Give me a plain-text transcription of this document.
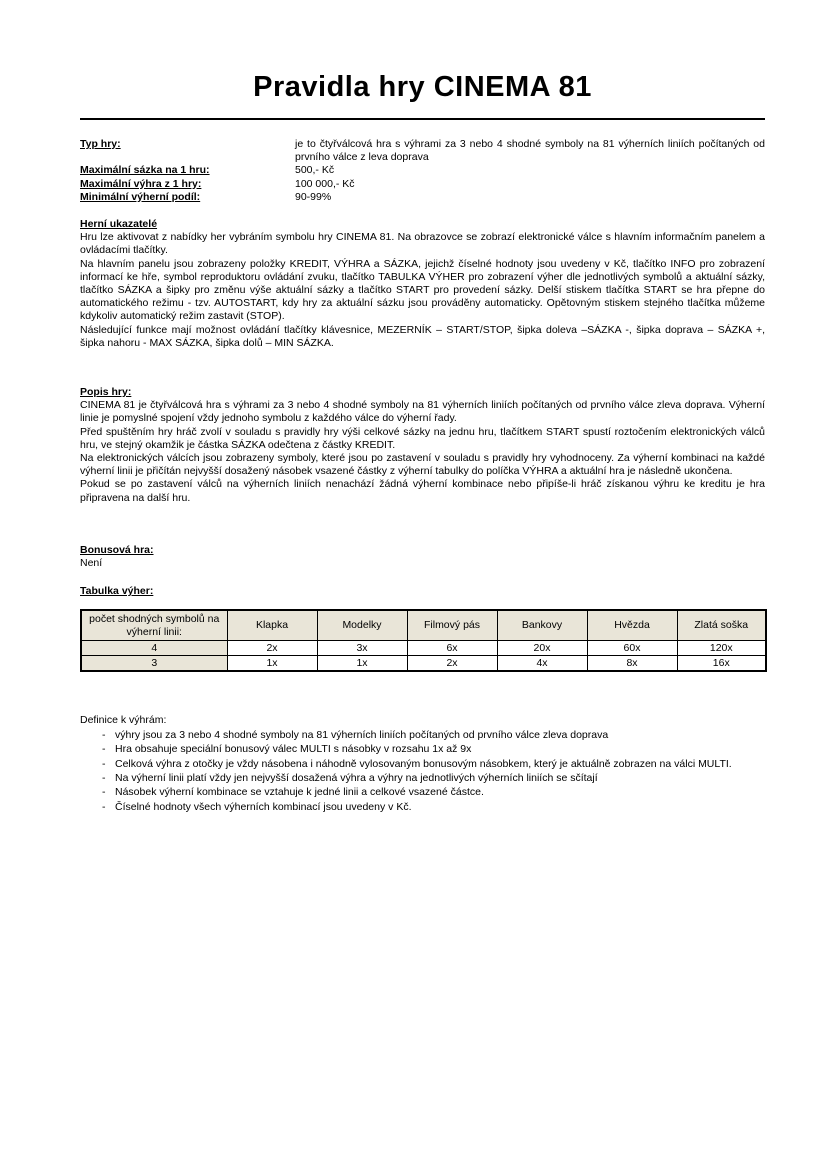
Pravidla hry CINEMA 81
Typ hry:	je to čtyřválcová hra s výhrami za 3 nebo 4 shodné symboly na 81 výherních liniích počítaných od prvního válce z leva doprava
Maximální sázka na 1 hru:	500,- Kč
Maximální výhra z 1 hry:	100 000,- Kč
Minimální výherní podíl:	90-99%
Herní ukazatelé

Hru lze aktivovat z nabídky her vybráním symbolu hry CINEMA 81. Na obrazovce se zobrazí elektronické válce s hlavním informačním panelem a ovládacími tlačítky.

Na hlavním panelu jsou zobrazeny položky KREDIT, VÝHRA a SÁZKA, jejichž číselné hodnoty jsou uvedeny v Kč, tlačítko INFO pro zobrazení informací ke hře, symbol reproduktoru ovládání zvuku, tlačítko TABULKA VÝHER pro zobrazení výher dle jednotlivých symbolů a aktuální sázky, tlačítko SÁZKA a šipky pro změnu výše aktuální sázky a tlačítko START pro provedení sázky. Delší stiskem tlačítka START se hra přepne do automatického režimu - tzv. AUTOSTART, kdy hry za aktuální sázku jsou prováděny automaticky. Opětovným stiskem stejného tlačítka můžeme kdykoliv automatický režim zastavit (STOP).

Následující funkce mají možnost ovládání tlačítky klávesnice, MEZERNÍK – START/STOP, šipka doleva –SÁZKA -, šipka doprava – SÁZKA +, šipka nahoru - MAX SÁZKA, šipka dolů – MIN SÁZKA.

Popis hry:

CINEMA 81 je čtyřválcová hra s výhrami za 3 nebo 4 shodné symboly na 81 výherních liniích počítaných od prvního válce zleva doprava. Výherní linie je pomyslné spojení vždy jednoho symbolu z každého válce do výherní řady.

Před spuštěním hry hráč zvolí v souladu s pravidly hry výši celkové sázky na jednu hru, tlačítkem START spustí roztočením elektronických válců hru, ve stejný okamžik je částka SÁZKA odečtena z částky KREDIT.

Na elektronických válcích jsou zobrazeny symboly, které jsou po zastavení v souladu s pravidly hry vyhodnoceny. Za výherní kombinaci na každé výherní linii je přičítán nejvyšší dosažený násobek vsazené částky z výherní tabulky do políčka VÝHRA a aktuální hra je následně ukončena.

Pokud se po zastavení válců na výherních liniích nenachází žádná výherní kombinace nebo připíše-li hráč získanou výhru ke kreditu je hra připravena na další hru.

Bonusová hra:

Není

Tabulka výher:
počet shodných symbolů na výherní linii:	Klapka	Modelky	Filmový pás	Bankovy	Hvězda	Zlatá soška
4	2x	3x	6x	20x	60x	120x
3	1x	1x	2x	4x	8x	16x
Definice k výhrám:
- výhry jsou za 3 nebo 4 shodné symboly na 81 výherních liniích počítaných od prvního válce zleva doprava
- Hra obsahuje speciální bonusový válec MULTI s násobky v rozsahu 1x až 9x
- Celková výhra z otočky je vždy násobena i náhodně vylosovaným bonusovým násobkem, který je aktuálně zobrazen na válci MULTI.
- Na výherní linii platí vždy jen nejvyšší dosažená výhra a výhry na jednotlivých výherních liniích se sčítají
- Násobek výherní kombinace se vztahuje k jedné linii a celkové vsazené částce.
- Číselné hodnoty všech výherních kombinací jsou uvedeny v Kč.
